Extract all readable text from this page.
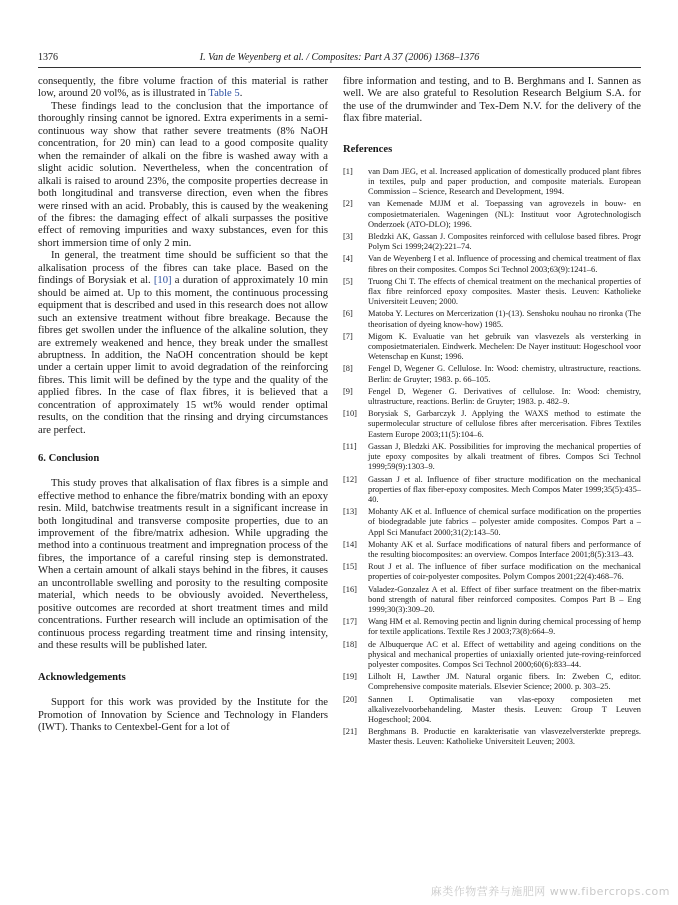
1376	I. Van de Weyenberg et al. / Composites: Part A 37 (2006) 1368–1376

consequently, the fibre volume fraction of this material is rather low, around 20 vol%, as is illustrated in Table 5.

These findings lead to the conclusion that the importance of thoroughly rinsing cannot be ignored. Extra experiments in a semi-continuous way show that rather severe treatments (8% NaOH concentration, for 20 min) can lead to a good composite quality when the remainder of alkali on the fibre is washed away with a slight acidic solution. Nevertheless, when the concentration of alkali is raised to around 23%, the composite properties decrease in both longitudinal and transverse direction, even when the fibres were rinsed with an acid. Probably, this is caused by the weakening of the fibres: the damaging effect of alkali surpasses the positive effect of removing impurities and waxy substances, even for this short immersion time of only 2 min.

In general, the treatment time should be sufficient so that the alkalisation process of the fibres can take place. Based on the findings of Borysiak et al. [10] a duration of approximately 10 min should be aimed at. Up to this moment, the continuous processing equipment that is described and used in this research does not allow such an extensive treatment without fibre breakage. Because the fibres get swollen under the influence of the alkaline solution, they are extremely weakened and hence, they break under the smallest abruptness. In addition, the NaOH concentration should be kept under a certain upper limit to avoid degradation of the reinforcing fibres. This limit will be defined by the type and the quality of the applied fibres. In the case of flax fibres, it is believed that a concentration of approximately 15 wt% would render optimal results, on the condition that the rinsing and drying circumstances are perfect.

6. Conclusion

This study proves that alkalisation of flax fibres is a simple and effective method to enhance the fibre/matrix bonding with an epoxy resin. Mild, batchwise treatments result in a significant increase in both longitudinal and transverse composite properties, due to an improvement of the fibre/matrix adhesion. While upgrading the method into a continuous treatment and impregnation process of the fibres, the importance of a careful rinsing step is demonstrated. When a certain amount of alkali stays behind in the fibres, it causes an uncontrollable swelling and porosity to the resulting composite material, which needs to be obviously avoided. Nevertheless, positive outcomes are recorded at short treatment times and mild concentrations. Further research will include an optimisation of the continuous process regarding treatment time and rinsing intensity, and these results will be published later.

Acknowledgements

Support for this work was provided by the Institute for the Promotion of Innovation by Science and Technology in Flanders (IWT). Thanks to Centexbel-Gent for a lot of

fibre information and testing, and to B. Berghmans and I. Sannen as well. We are also grateful to Resolution Research Belgium S.A. for the use of the drumwinder and Tex-Dem N.V. for the delivery of the flax fibre material.

References
[1]	van Dam JEG, et al. Increased application of domestically produced plant fibres in textiles, pulp and paper production, and composite materials. European Commission – Science, Research and Development, 1994.
[2]	van Kemenade MJJM et al. Toepassing van agrovezels in bouw- en composietmaterialen. Wageningen (NL): Instituut voor Agrotechnologisch Onderzoek (ATO-DLO); 1996.
[3]	Bledzki AK, Gassan J. Composites reinforced with cellulose based fibres. Progr Polym Sci 1999;24(2):221–74.
[4]	Van de Weyenberg I et al. Influence of processing and chemical treatment of flax fibres on their composites. Compos Sci Technol 2003;63(9):1241–6.
[5]	Truong Chi T. The effects of chemical treatment on the mechanical properties of flax fibre reinforced epoxy composites. Master thesis. Leuven: Katholieke Universiteit Leuven; 2000.
[6]	Matoba Y. Lectures on Mercerization (1)-(13). Senshoku nouhau no rironka (The theorisation of dyeing know-how) 1985.
[7]	Migom K. Evaluatie van het gebruik van vlasvezels als versterking in composietmaterialen. Eindwerk. Mechelen: De Nayer instituut: Hogeschool voor Wetenschap en Kunst; 1996.
[8]	Fengel D, Wegener G. Cellulose. In: Wood: chemistry, ultrastructure, reactions. Berlin: de Gruyter; 1983. p. 66–105.
[9]	Fengel D, Wegener G. Derivatives of cellulose. In: Wood: chemistry, ultrastructure, reactions. Berlin: de Gruyter; 1983. p. 482–9.
[10]	Borysiak S, Garbarczyk J. Applying the WAXS method to estimate the supermolecular structure of cellulose fibres after mercerisation. Fibres Textiles Eastern Europe 2003;11(5):104–6.
[11]	Gassan J, Bledzki AK. Possibilities for improving the mechanical properties of jute epoxy composites by alkali treatment of fibres. Compos Sci Technol 1999;59(9):1303–9.
[12]	Gassan J et al. Influence of fiber structure modification on the mechanical properties of flax fiber-epoxy composites. Mech Compos Mater 1999;35(5):435–40.
[13]	Mohanty AK et al. Influence of chemical surface modification on the properties of biodegradable jute fabrics – polyester amide composites. Compos Part a – Appl Sci Manufact 2000;31(2):143–50.
[14]	Mohanty AK et al. Surface modifications of natural fibers and performance of the resulting biocomposites: an overview. Compos Interface 2001;8(5):313–43.
[15]	Rout J et al. The influence of fiber surface modification on the mechanical properties of coir-polyester composites. Polym Compos 2001;22(4):468–76.
[16]	Valadez-Gonzalez A et al. Effect of fiber surface treatment on the fiber-matrix bond strength of natural fiber reinforced composites. Compos Part B – Eng 1999;30(3):309–20.
[17]	Wang HM et al. Removing pectin and lignin during chemical processing of hemp for textile applications. Textile Res J 2003;73(8):664–9.
[18]	de Albuquerque AC et al. Effect of wettability and ageing conditions on the physical and mechanical properties of uniaxially oriented jute-roving-reinforced polyester composites. Compos Sci Technol 2000;60(6):833–44.
[19]	Lilholt H, Lawther JM. Natural organic fibers. In: Zweben C, editor. Comprehensive composite materials. Elsevier Science; 2000. p. 303–25.
[20]	Sannen I. Optimalisatie van vlas-epoxy composieten met alkalivezelvoorbehandeling. Master thesis. Leuven: Group T Leuven Hogeschool; 2004.
[21]	Berghmans B. Productie en karakterisatie van vlasvezelversterkte prepregs. Master thesis. Leuven: Katholieke Universiteit Leuven; 2003.
麻类作物营养与施肥网 www.fibercrops.com
